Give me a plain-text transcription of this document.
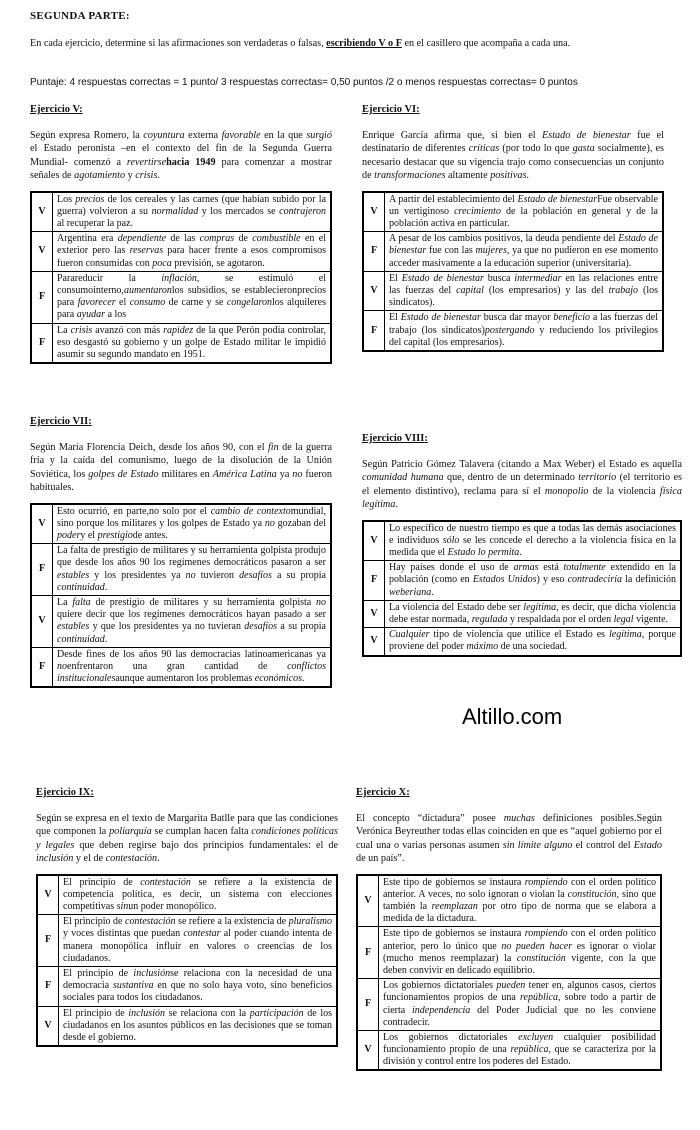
SEGUNDA PARTE:
En cada ejercicio, determine si las afirmaciones son verdaderas o falsas, escribiendo V o F en el casillero que acompaña a cada una.
Puntaje: 4 respuestas correctas = 1 punto/ 3 respuestas correctas= 0,50 puntos /2 o menos respuestas correctas= 0 puntos
Ejercicio V:
Según expresa Romero, la coyuntura externa favorable en la que surgió el Estado peronista –en el contexto del fin de la Segunda Guerra Mundial- comenzó a revertirsehacia 1949 para comenzar a mostrar señales de agotamiento y crisis.
V	Los precios de los cereales y las carnes (que habían subido por la guerra) volvieron a su normalidad y los mercados se contrajeron al recuperar la paz.
V	Argentina era dependiente de las compras de combustible en el exterior pero las reservas para hacer frente a esos compromisos fueron consumidas con poca previsión, se agotaron.
F	Parareducir la inflación, se estimuló el consumointerno,aumentaronlos subsidios, se establecieronprecios para favorecer el consumo de carne y se congelaronlos alquileres para ayudar a los
F	La crisis avanzó con más rapidez de la que Perón podía controlar, eso desgastó su gobierno y un golpe de Estado militar le impidió asumir su segundo mandato en 1951.
Ejercicio VI:
Enrique García afirma que, si bien el Estado de bienestar fue el destinatario de diferentes críticas (por todo lo que gasta socialmente), es necesario destacar que su vigencia trajo como consecuencias un conjunto de transformaciones altamente positivas.
V	A partir del establecimiento del Estado de bienestarFue observable un vertiginoso crecimiento de la población en general y de la población activa en particular.
F	A pesar de los cambios positivos, la deuda pendiente del Estado de bienestar fue con las mujeres, ya que no pudieron en ese momento acceder masivamente a la educación superior (universitaria).
V	El Estado de bienestar busca intermediar en las relaciones entre las fuerzas del capital (los empresarios) y las del trabajo (los sindicatos).
F	El Estado de bienestar busca dar mayor beneficio a las fuerzas del trabajo (los sindicatos)postergando y reduciendo los privilegios del capital (los empresarios).
Ejercicio VII:
Según María Florencia Deich, desde los años 90, con el fin de la guerra fría y la caída del comunismo, luego de la disolución de la Unión Soviética, los golpes de Estado militares en América Latina ya no fueron habituales.
V	Esto ocurrió, en parte,no solo por el cambio de contextomundial, sino porque los militares y los golpes de Estado ya no gozaban del podery el prestigiode antes.
F	La falta de prestigio de militares y su herramienta golpista produjo que desde los años 90 los regímenes democráticos pasaron a ser estables y los presidentes ya no tuvieron desafíos a su propia continuidad.
V	La falta de prestigio de militares y su herramienta golpista no quiere decir que los regímenes democráticos hayan pasado a ser estables y que los presidentes ya no tuvieran desafíos a su propia continuidad.
F	Desde fines de los años 90 las democracias latinoamericanas ya noenfrentaron una gran cantidad de conflictos institucionalesaunque aumentaron los problemas económicos.
Ejercicio VIII:
Según Patricio Gómez Talavera (citando a Max Weber) el Estado es aquella comunidad humana que, dentro de un determinado territorio (el territorio es el elemento distintivo), reclama para sí el monopolio de la violencia física legítima.
V	Lo específico de nuestro tiempo es que a todas las demás asociaciones e individuos sólo se les concede el derecho a la violencia física en la medida que el Estado lo permita.
F	Hay países donde el uso de armas está totalmente extendido en la población (como en Estados Unidos) y eso contradeciría la definición weberiana.
V	La violencia del Estado debe ser legítima, es decir, que dicha violencia debe estar normada, regulada y respaldada por el orden legal vigente.
V	Cualquier tipo de violencia que utilice el Estado es legítima, porque proviene del poder máximo de una sociedad.
Ejercicio IX:
Según se expresa en el texto de Margarita Batlle para que las condiciones que componen la poliarquía se cumplan hacen falta condiciones políticas y legales que deben regirse bajo dos principios fundamentales: el de inclusión y el de contestación.
V	El principio de contestación se refiere a la existencia de competencia política, es decir, un sistema con elecciones competitivas sinun poder monopólico.
F	El principio de contestación se refiere a la existencia de pluralismo y voces distintas que puedan contestar al poder cuando intenta de manera monopólica influir en valores o creencias de los ciudadanos.
F	El principio de inclusiónse relaciona con la necesidad de una democracia sustantiva en que no solo haya voto, sino beneficios sociales para todos los ciudadanos.
V	El principio de inclusión se relaciona con la participación de los ciudadanos en los asuntos públicos en las decisiones que se toman desde el gobierno.
Ejercicio X:
El concepto “dictadura” posee muchas definiciones posibles.Según Verónica Beyreuther todas ellas coinciden en que es “aquel gobierno por el cual una o varias personas asumen sin límite alguno el control del Estado de un país”.
V	Este tipo de gobiernos se instaura rompiendo con el orden político anterior. A veces, no solo ignoran o violan la constitución, sino que también la reemplazan por otro tipo de norma que se elabora a medida de la dictadura.
F	Este tipo de gobiernos se instaura rompiendo con el orden político anterior, pero lo único que no pueden hacer es ignorar o violar (mucho menos reemplazar) la constitución vigente, con la que deben convivir en delicado equilibrio.
F	Los gobiernos dictatoriales pueden tener en, algunos casos, ciertos funcionamientos propios de una república, sobre todo a partir de cierta independencia del Poder Judicial que no les conviene contradecir.
V	Los gobiernos dictatoriales excluyen cualquier posibilidad funcionamiento propio de una república, que se caracteriza por la división y control entre los poderes del Estado.
Altillo.com
